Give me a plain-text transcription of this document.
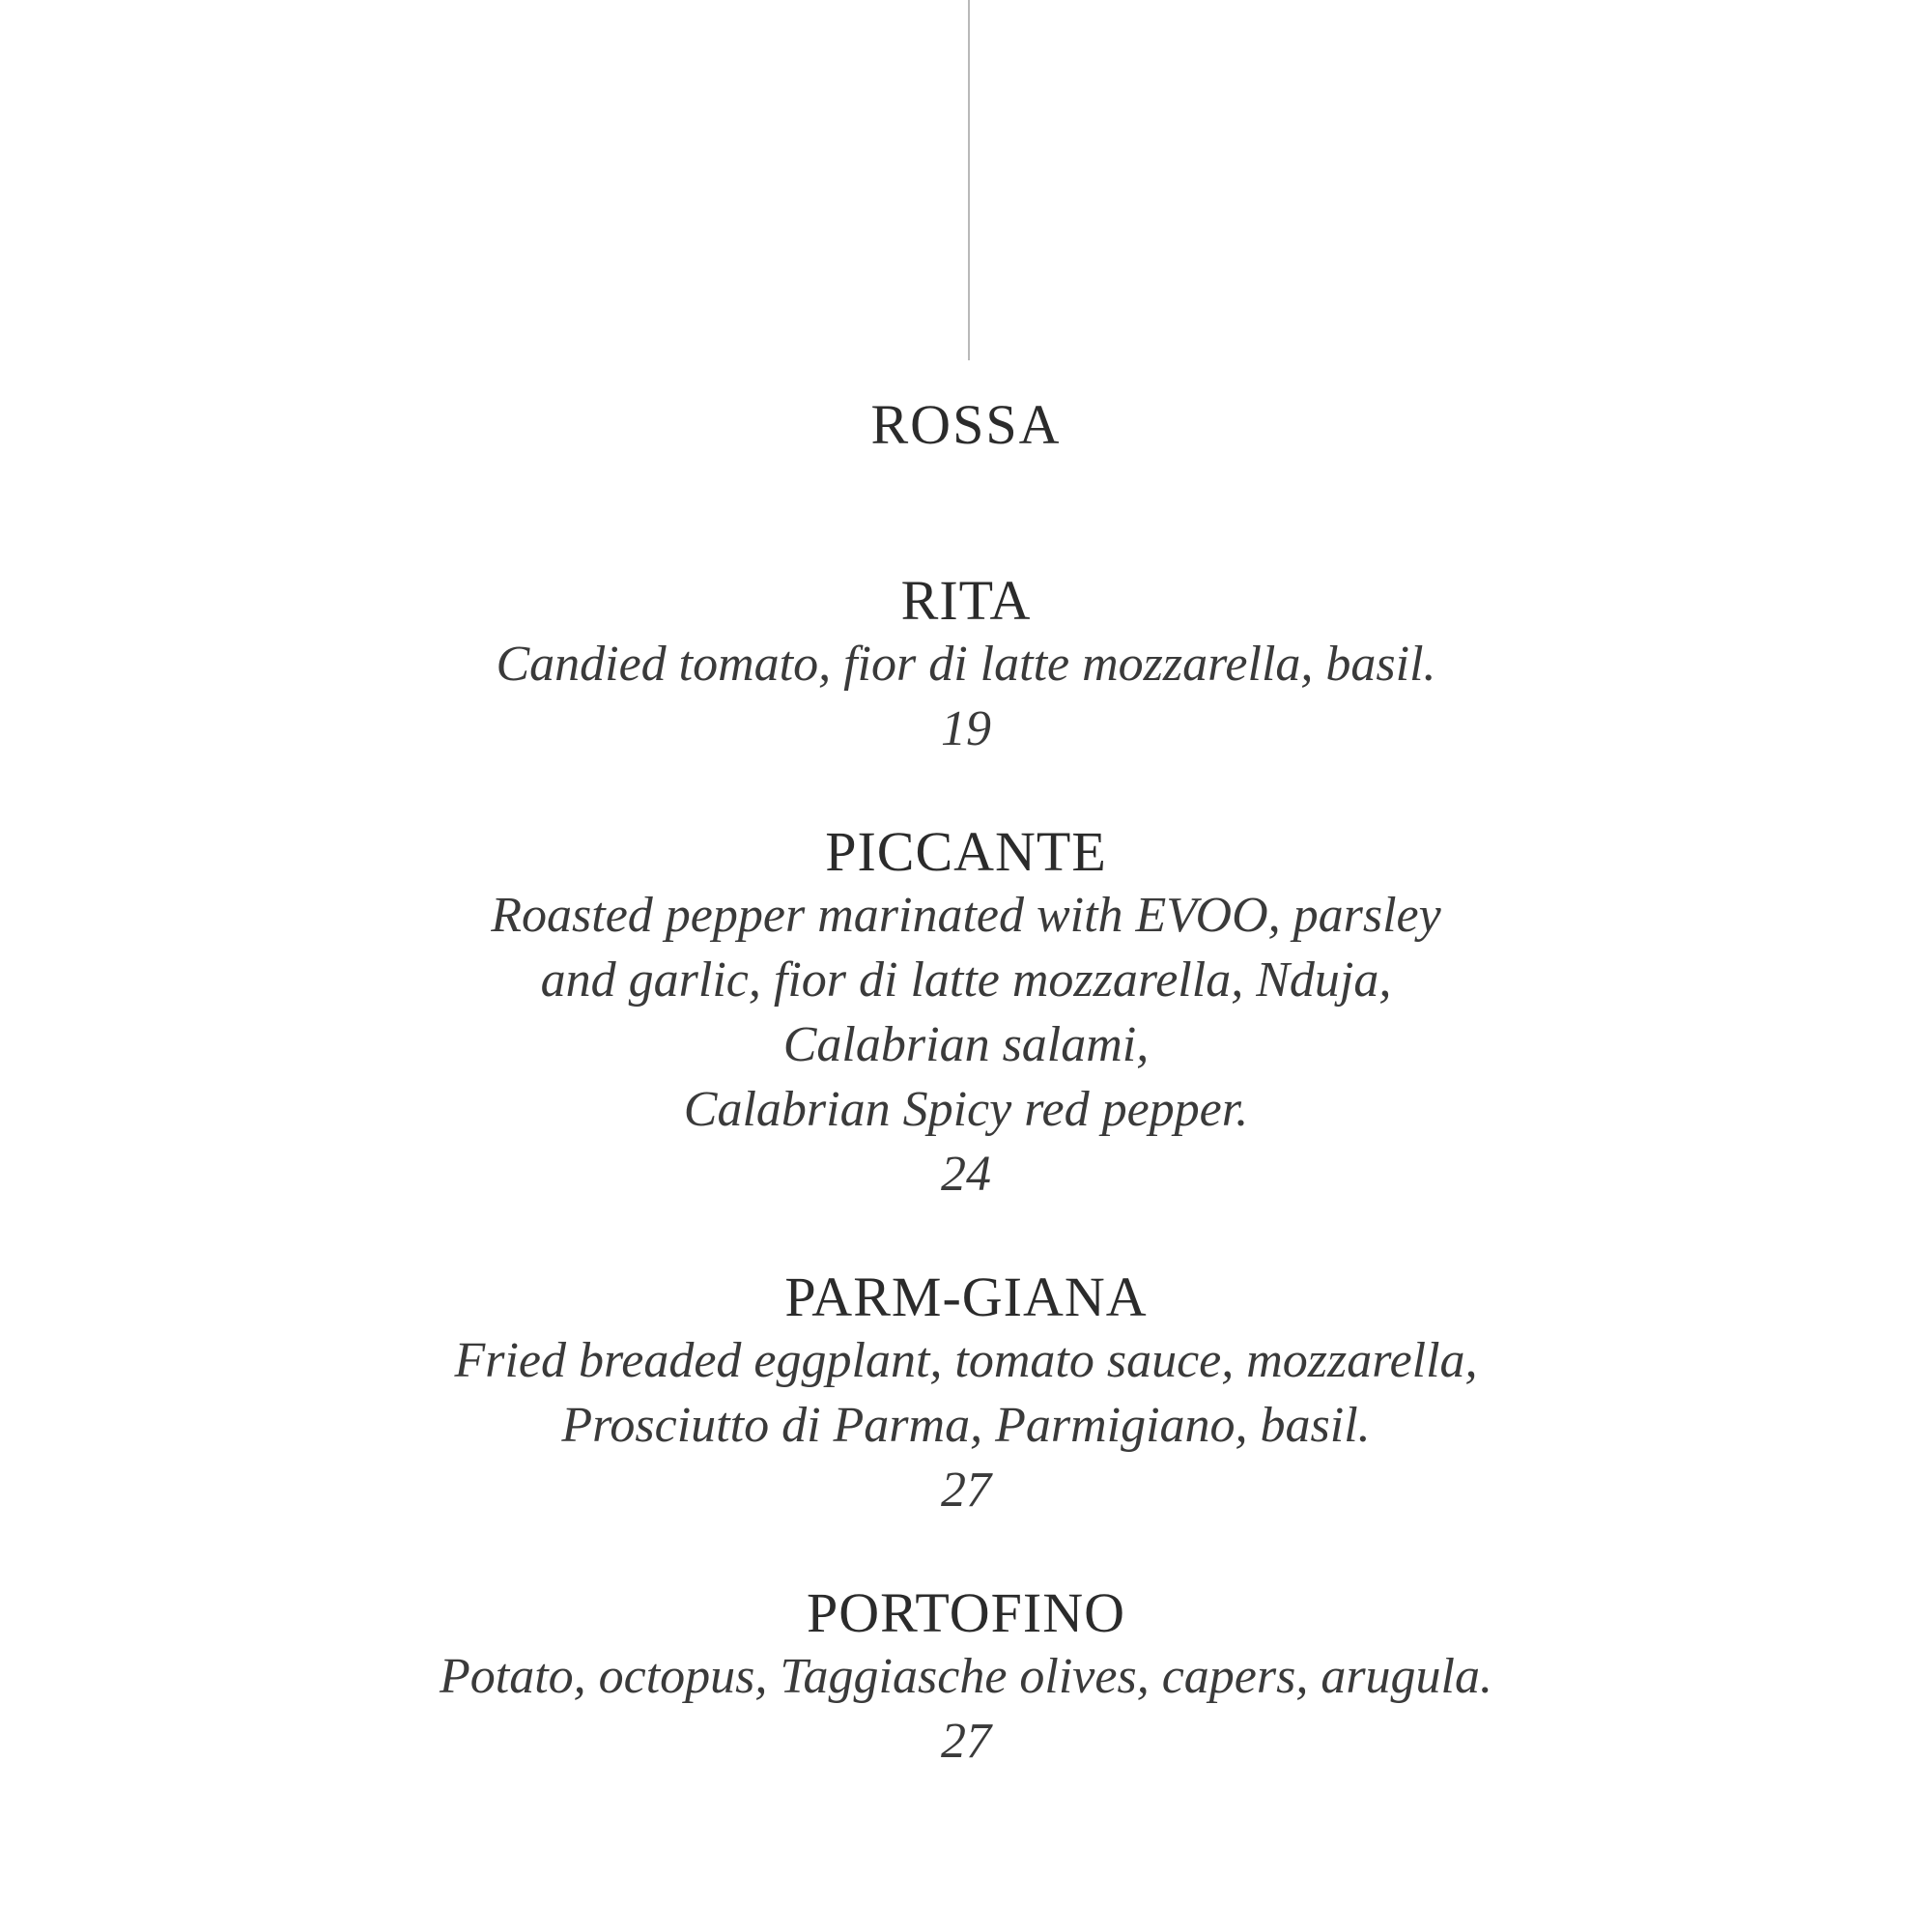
ROSSA
RITA
Candied tomato, fior di latte mozzarella, basil.
19
PICCANTE
Roasted pepper marinated with EVOO, parsley
and garlic, fior di latte mozzarella, Nduja,
Calabrian salami,
Calabrian Spicy red pepper.
24
PARM-GIANA
Fried breaded eggplant, tomato sauce, mozzarella,
Prosciutto di Parma, Parmigiano, basil.
27
PORTOFINO
Potato, octopus, Taggiasche olives, capers, arugula.
27
